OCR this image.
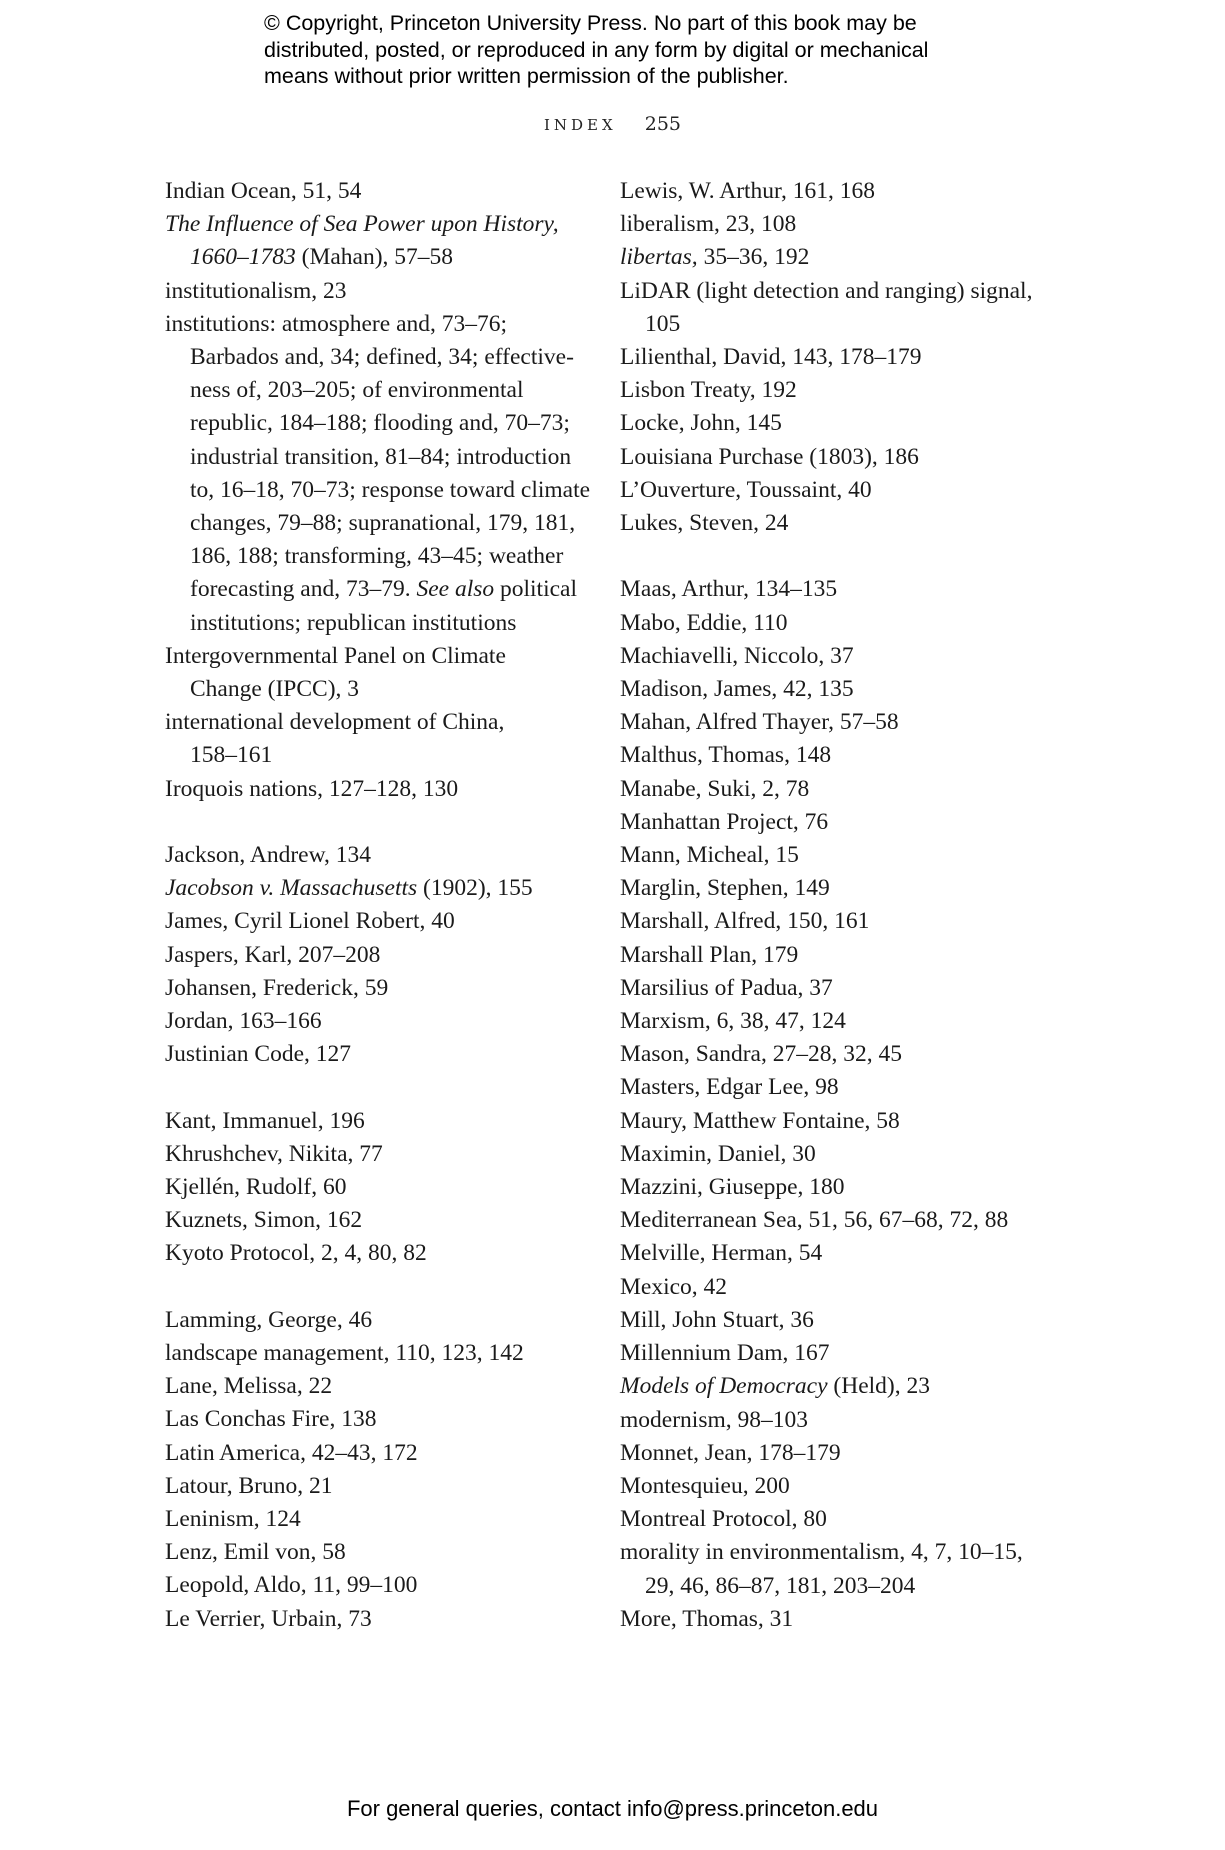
© Copyright, Princeton University Press. No part of this book may be
distributed, posted, or reproduced in any form by digital or mechanical
means without prior written permission of the publisher.
INDEX 255
Indian Ocean, 51, 54
The Influence of Sea Power upon History,
1660–1783 (Mahan), 57–58
institutionalism, 23
institutions: atmosphere and, 73–76;
Barbados and, 34; defined, 34; effective-
ness of, 203–205; of environmental
republic, 184–188; flooding and, 70–73;
industrial transition, 81–84; introduction
to, 16–18, 70–73; response toward climate
changes, 79–88; supranational, 179, 181,
186, 188; transforming, 43–45; weather
forecasting and, 73–79. See also political
institutions; republican institutions
Intergovernmental Panel on Climate
Change (IPCC), 3
international development of China,
158–161
Iroquois nations, 127–128, 130
Jackson, Andrew, 134
Jacobson v. Massachusetts (1902), 155
James, Cyril Lionel Robert, 40
Jaspers, Karl, 207–208
Johansen, Frederick, 59
Jordan, 163–166
Justinian Code, 127
Kant, Immanuel, 196
Khrushchev, Nikita, 77
Kjellén, Rudolf, 60
Kuznets, Simon, 162
Kyoto Protocol, 2, 4, 80, 82
Lamming, George, 46
landscape management, 110, 123, 142
Lane, Melissa, 22
Las Conchas Fire, 138
Latin America, 42–43, 172
Latour, Bruno, 21
Leninism, 124
Lenz, Emil von, 58
Leopold, Aldo, 11, 99–100
Le Verrier, Urbain, 73
Lewis, W. Arthur, 161, 168
liberalism, 23, 108
libertas, 35–36, 192
LiDAR (light detection and ranging) signal,
105
Lilienthal, David, 143, 178–179
Lisbon Treaty, 192
Locke, John, 145
Louisiana Purchase (1803), 186
L’Ouverture, Toussaint, 40
Lukes, Steven, 24
Maas, Arthur, 134–135
Mabo, Eddie, 110
Machiavelli, Niccolo, 37
Madison, James, 42, 135
Mahan, Alfred Thayer, 57–58
Malthus, Thomas, 148
Manabe, Suki, 2, 78
Manhattan Project, 76
Mann, Micheal, 15
Marglin, Stephen, 149
Marshall, Alfred, 150, 161
Marshall Plan, 179
Marsilius of Padua, 37
Marxism, 6, 38, 47, 124
Mason, Sandra, 27–28, 32, 45
Masters, Edgar Lee, 98
Maury, Matthew Fontaine, 58
Maximin, Daniel, 30
Mazzini, Giuseppe, 180
Mediterranean Sea, 51, 56, 67–68, 72, 88
Melville, Herman, 54
Mexico, 42
Mill, John Stuart, 36
Millennium Dam, 167
Models of Democracy (Held), 23
modernism, 98–103
Monnet, Jean, 178–179
Montesquieu, 200
Montreal Protocol, 80
morality in environmentalism, 4, 7, 10–15,
29, 46, 86–87, 181, 203–204
More, Thomas, 31
For general queries, contact info@press.princeton.edu
